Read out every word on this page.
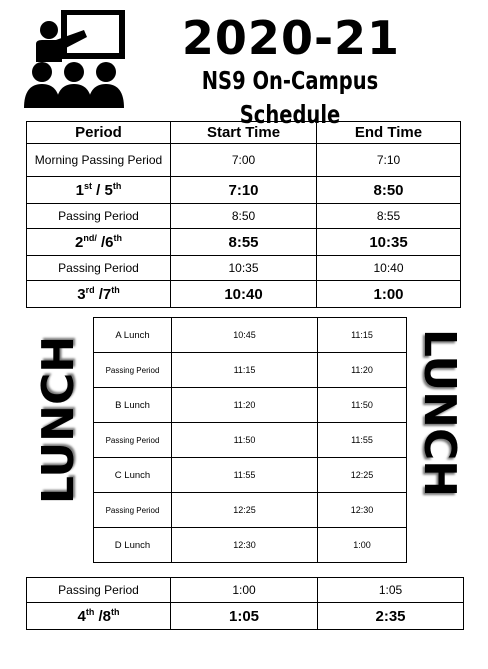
2020-21
NS9 On-Campus Schedule
Period	Start Time	End Time
Morning Passing Period	7:00	7:10
1st / 5th	7:10	8:50
Passing Period	8:50	8:55
$2^{nd/}$ /6th	8:55	10:35
Passing Period	10:35	10:40
3rd /7th	10:40	1:00
LUNCH	LUNCH
A Lunch	10:45	11:15
Passing Period	11:15	11:20
B Lunch	11:20	11:50
Passing Period	11:50	11:55
C Lunch	11:55	12:25
Passing Period	12:25	12:30
D Lunch	12:30	1:00
Passing Period	1:00	1:05
4th /8th	1:05	2:35
